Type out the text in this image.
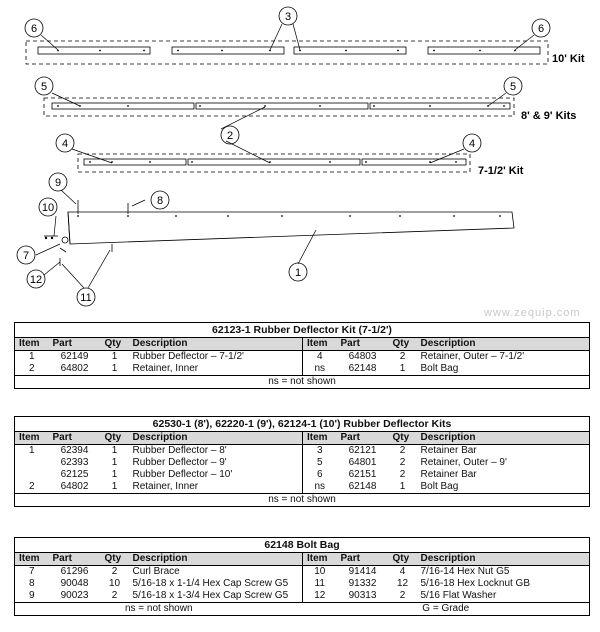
6
3
6
5	5
2
4	4
9
8
10
7
12
1
11
10' Kit
8' & 9' Kits
7-1/2' Kit
www.zequip.com
62123-1 Rubber Deflector Kit (7-1/2')							
Item	Part	Qty	Description	Item	Part	Qty	Description
1	62149	1	Rubber Deflector – 7-1/2'	4	64803	2	Retainer, Outer – 7-1/2'
2	64802	1	Retainer, Inner	ns	62148	1	Bolt Bag
ns = not shown							
62530-1 (8'), 62220-1 (9'), 62124-1 (10') Rubber Deflector Kits							
Item	Part	Qty	Description	Item	Part	Qty	Description
1	62394	1	Rubber Deflector – 8'	3	62121	2	Retainer Bar
	62393	1	Rubber Deflector – 9'	5	64801	2	Retainer, Outer – 9'
	62125	1	Rubber Deflector – 10'	6	62151	2	Retainer Bar
2	64802	1	Retainer, Inner	ns	62148	1	Bolt Bag
ns = not shown							
62148 Bolt Bag							
Item	Part	Qty	Description	Item	Part	Qty	Description
7	61296	2	Curl Brace	10	91414	4	7/16-14 Hex Nut G5
8	90048	10	5/16-18 x 1-1/4 Hex Cap Screw G5	11	91332	12	5/16-18 Hex Locknut GB
9	90023	2	5/16-18 x 1-3/4 Hex Cap Screw G5	12	90313	2	5/16 Flat Washer
ns = not shown				G = Grade			
